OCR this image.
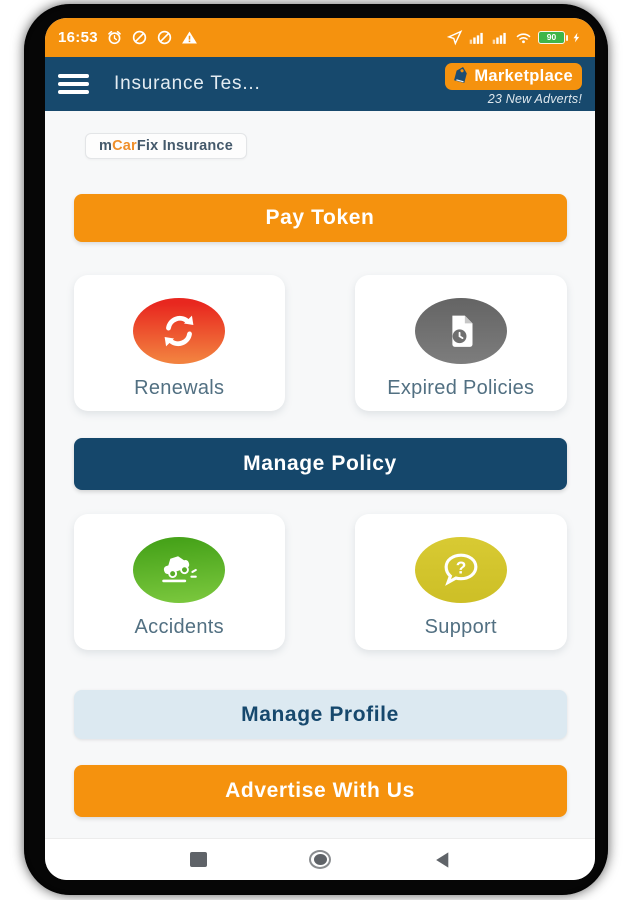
16:53	90
Insurance Tes...	Marketplace
23 New Adverts!
mCarFix Insurance
Pay Token
Renewals	Expired Policies
Manage Policy
Accidents
?
Support
Manage Profile
Advertise With Us
